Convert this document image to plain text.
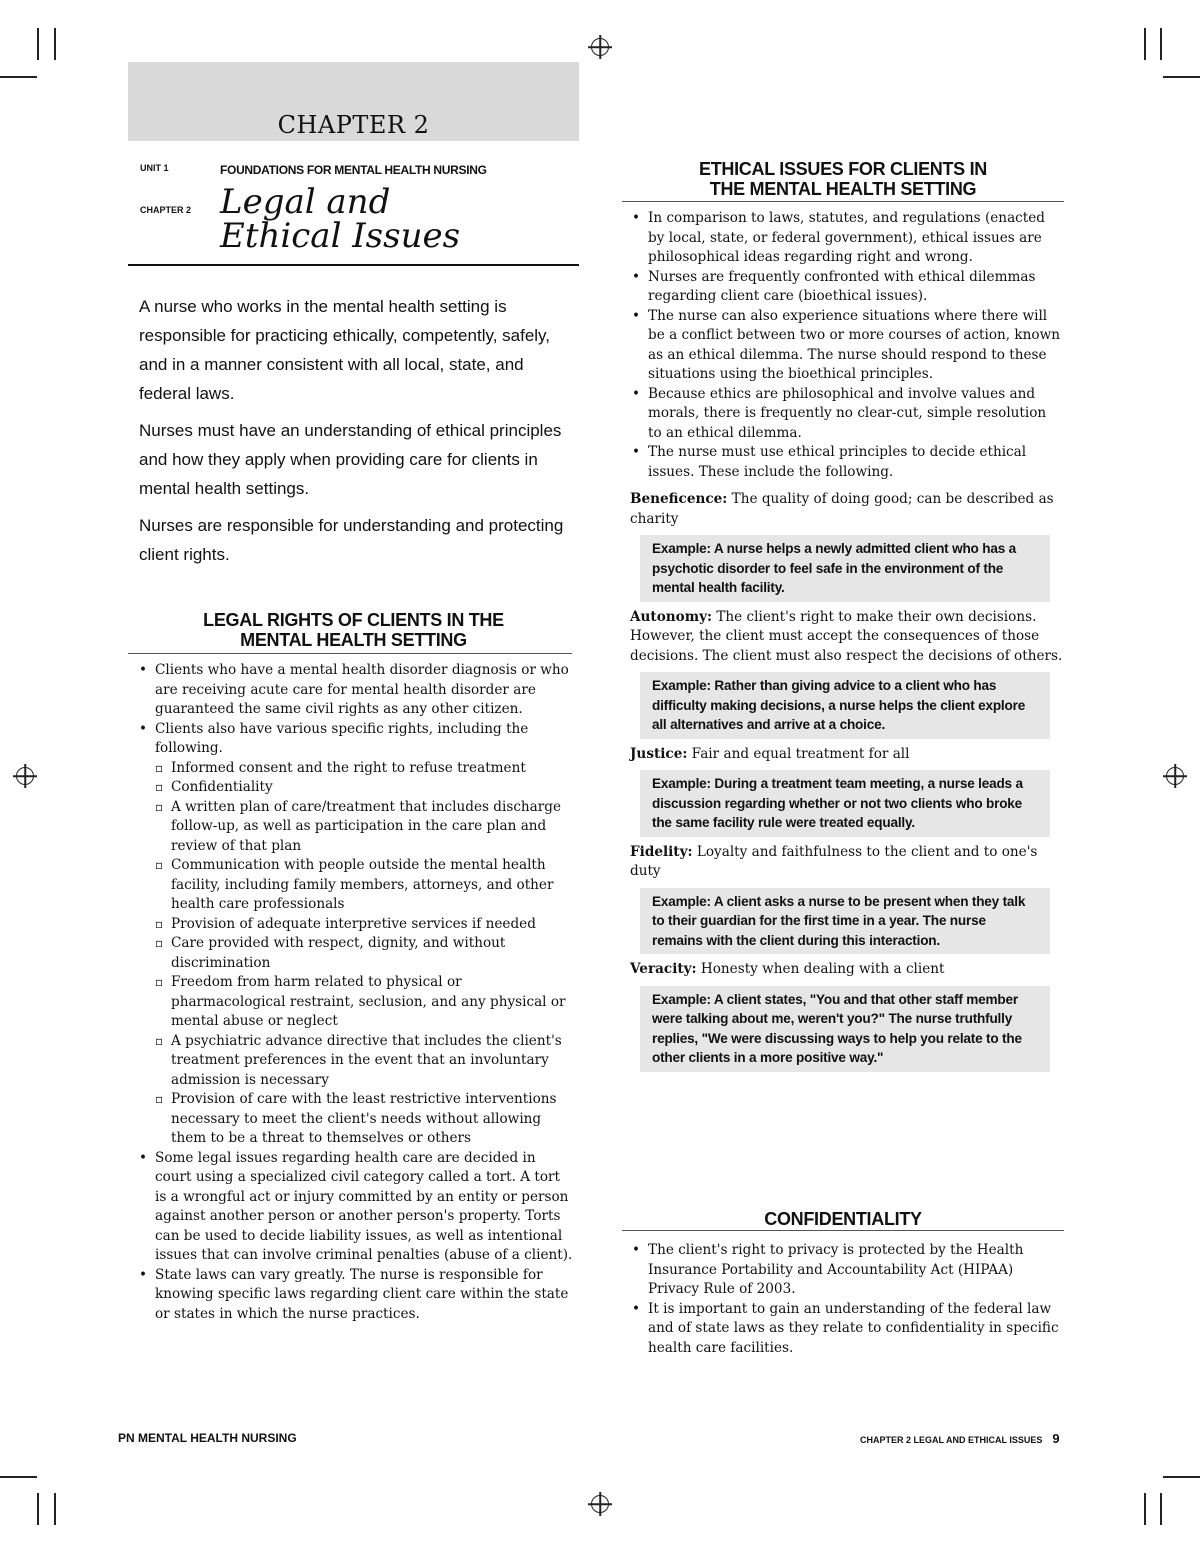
CHAPTER 2
UNIT 1	FOUNDATIONS FOR MENTAL HEALTH NURSING
CHAPTER 2 Legal and
Ethical Issues

A nurse who works in the mental health setting is responsible for practicing ethically, competently, safely, and in a manner consistent with all local, state, and federal laws.

Nurses must have an understanding of ethical principles and how they apply when providing care for clients in mental health settings.

Nurses are responsible for understanding and protecting client rights.

LEGAL RIGHTS OF CLIENTS IN THE
MENTAL HEALTH SETTING
• Clients who have a mental health disorder diagnosis or who are receiving acute care for mental health disorder are guaranteed the same civil rights as any other citizen.
• Clients also have various specific rights, including the following.
▫ Informed consent and the right to refuse treatment
▫ Confidentiality
▫ A written plan of care/treatment that includes discharge follow-up, as well as participation in the care plan and review of that plan
▫ Communication with people outside the mental health facility, including family members, attorneys, and other health care professionals
▫ Provision of adequate interpretive services if needed
▫ Care provided with respect, dignity, and without discrimination
▫ Freedom from harm related to physical or pharmacological restraint, seclusion, and any physical or mental abuse or neglect
▫ A psychiatric advance directive that includes the client's treatment preferences in the event that an involuntary admission is necessary
▫ Provision of care with the least restrictive interventions necessary to meet the client's needs without allowing them to be a threat to themselves or others
• Some legal issues regarding health care are decided in court using a specialized civil category called a tort. A tort is a wrongful act or injury committed by an entity or person against another person or another person's property. Torts can be used to decide liability issues, as well as intentional issues that can involve criminal penalties (abuse of a client).
• State laws can vary greatly. The nurse is responsible for knowing specific laws regarding client care within the state or states in which the nurse practices.
ETHICAL ISSUES FOR CLIENTS IN
THE MENTAL HEALTH SETTING
• In comparison to laws, statutes, and regulations (enacted by local, state, or federal government), ethical issues are philosophical ideas regarding right and wrong.
• Nurses are frequently confronted with ethical dilemmas regarding client care (bioethical issues).
• The nurse can also experience situations where there will be a conflict between two or more courses of action, known as an ethical dilemma. The nurse should respond to these situations using the bioethical principles.
• Because ethics are philosophical and involve values and morals, there is frequently no clear-cut, simple resolution to an ethical dilemma.
• The nurse must use ethical principles to decide ethical issues. These include the following.

Beneficence: The quality of doing good; can be described as charity

Example: A nurse helps a newly admitted client who has a psychotic disorder to feel safe in the environment of the mental health facility.

Autonomy: The client's right to make their own decisions. However, the client must accept the consequences of those decisions. The client must also respect the decisions of others.

Example: Rather than giving advice to a client who has difficulty making decisions, a nurse helps the client explore all alternatives and arrive at a choice.

Justice: Fair and equal treatment for all

Example: During a treatment team meeting, a nurse leads a discussion regarding whether or not two clients who broke the same facility rule were treated equally.

Fidelity: Loyalty and faithfulness to the client and to one's duty

Example: A client asks a nurse to be present when they talk to their guardian for the first time in a year. The nurse remains with the client during this interaction.

Veracity: Honesty when dealing with a client

Example: A client states, "You and that other staff member were talking about me, weren't you?" The nurse truthfully replies, "We were discussing ways to help you relate to the other clients in a more positive way."
CONFIDENTIALITY
• The client's right to privacy is protected by the Health Insurance Portability and Accountability Act (HIPAA) Privacy Rule of 2003.
• It is important to gain an understanding of the federal law and of state laws as they relate to confidentiality in specific health care facilities.
PN MENTAL HEALTH NURSING	CHAPTER 2 LEGAL AND ETHICAL ISSUES 9
